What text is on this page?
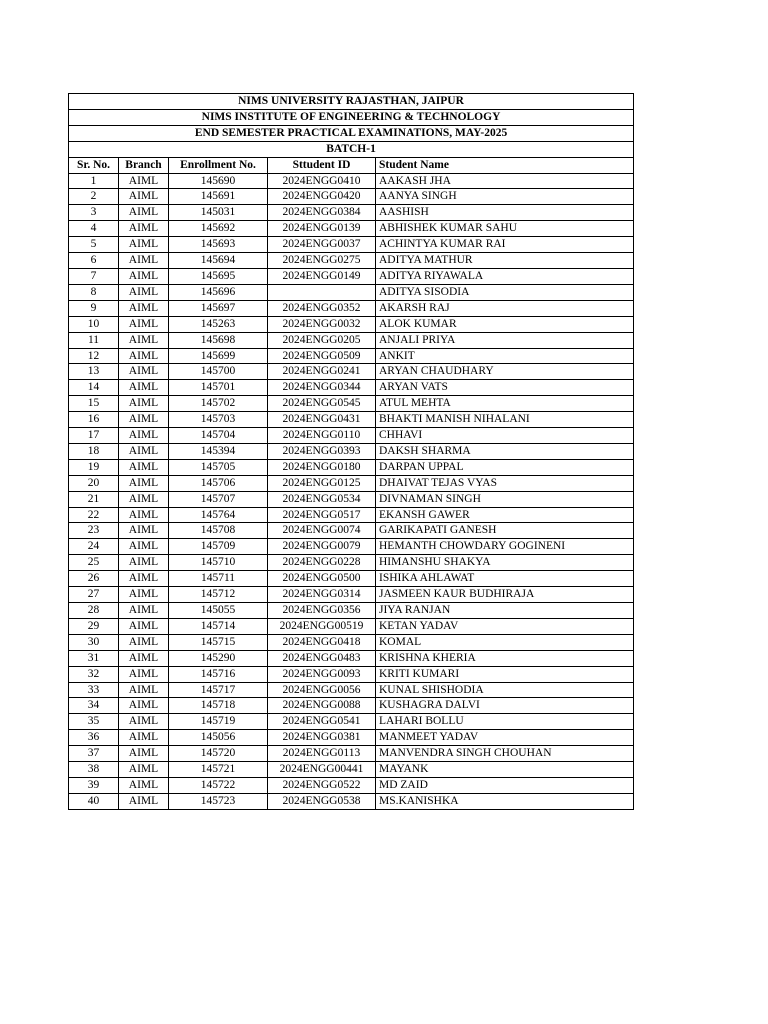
NIMS UNIVERSITY RAJASTHAN, JAIPUR				
NIMS INSTITUTE OF ENGINEERING & TECHNOLOGY				
END SEMESTER PRACTICAL EXAMINATIONS, MAY-2025				
BATCH-1				
Sr. No.	Branch	Enrollment No.	Sttudent ID	Student Name
1	AIML	145690	2024ENGG0410	AAKASH JHA
2	AIML	145691	2024ENGG0420	AANYA SINGH
3	AIML	145031	2024ENGG0384	AASHISH
4	AIML	145692	2024ENGG0139	ABHISHEK KUMAR SAHU
5	AIML	145693	2024ENGG0037	ACHINTYA KUMAR RAI
6	AIML	145694	2024ENGG0275	ADITYA MATHUR
7	AIML	145695	2024ENGG0149	ADITYA RIYAWALA
8	AIML	145696		ADITYA SISODIA
9	AIML	145697	2024ENGG0352	AKARSH RAJ
10	AIML	145263	2024ENGG0032	ALOK KUMAR
11	AIML	145698	2024ENGG0205	ANJALI PRIYA
12	AIML	145699	2024ENGG0509	ANKIT
13	AIML	145700	2024ENGG0241	ARYAN CHAUDHARY
14	AIML	145701	2024ENGG0344	ARYAN VATS
15	AIML	145702	2024ENGG0545	ATUL MEHTA
16	AIML	145703	2024ENGG0431	BHAKTI MANISH NIHALANI
17	AIML	145704	2024ENGG0110	CHHAVI
18	AIML	145394	2024ENGG0393	DAKSH SHARMA
19	AIML	145705	2024ENGG0180	DARPAN UPPAL
20	AIML	145706	2024ENGG0125	DHAIVAT TEJAS VYAS
21	AIML	145707	2024ENGG0534	DIVNAMAN SINGH
22	AIML	145764	2024ENGG0517	EKANSH GAWER
23	AIML	145708	2024ENGG0074	GARIKAPATI GANESH
24	AIML	145709	2024ENGG0079	HEMANTH CHOWDARY GOGINENI
25	AIML	145710	2024ENGG0228	HIMANSHU SHAKYA
26	AIML	145711	2024ENGG0500	ISHIKA AHLAWAT
27	AIML	145712	2024ENGG0314	JASMEEN KAUR BUDHIRAJA
28	AIML	145055	2024ENGG0356	JIYA RANJAN
29	AIML	145714	2024ENGG00519	KETAN YADAV
30	AIML	145715	2024ENGG0418	KOMAL
31	AIML	145290	2024ENGG0483	KRISHNA KHERIA
32	AIML	145716	2024ENGG0093	KRITI KUMARI
33	AIML	145717	2024ENGG0056	KUNAL SHISHODIA
34	AIML	145718	2024ENGG0088	KUSHAGRA DALVI
35	AIML	145719	2024ENGG0541	LAHARI BOLLU
36	AIML	145056	2024ENGG0381	MANMEET YADAV
37	AIML	145720	2024ENGG0113	MANVENDRA SINGH CHOUHAN
38	AIML	145721	2024ENGG00441	MAYANK
39	AIML	145722	2024ENGG0522	MD ZAID
40	AIML	145723	2024ENGG0538	MS.KANISHKA
